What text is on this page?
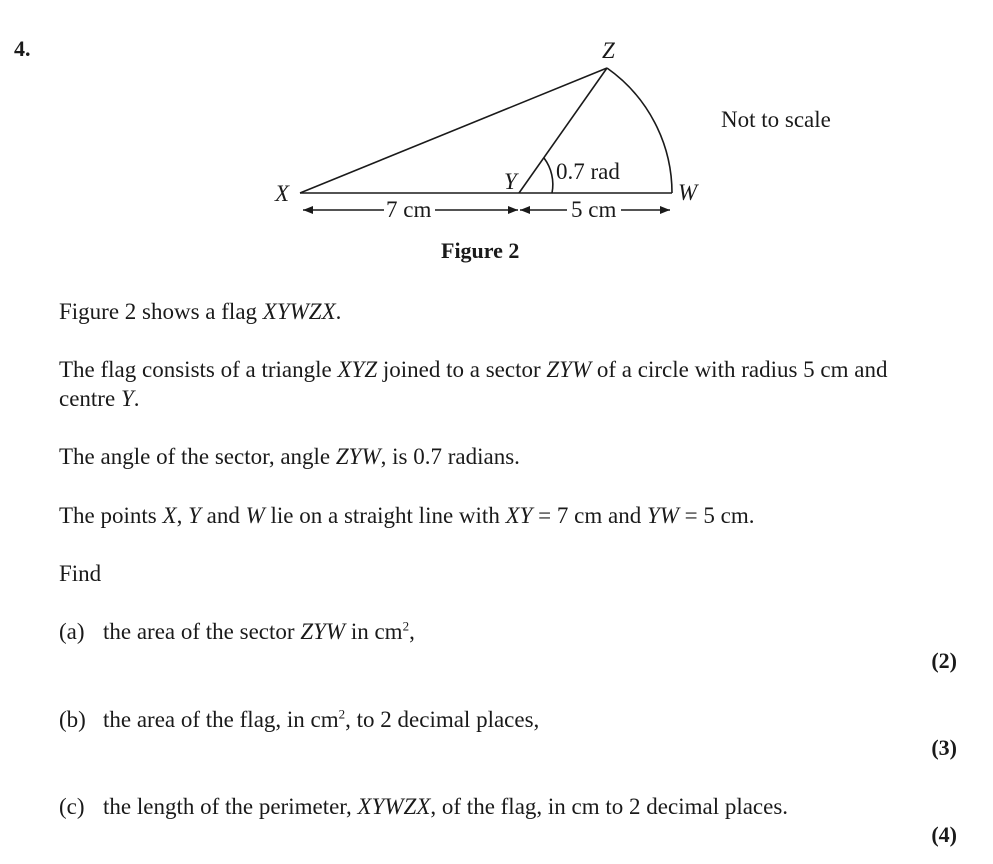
4.
X	Y
Z
W
0.7 rad
7 cm	5 cm
Not to scale
Figure 2
Figure 2 shows a flag XYWZX.
The flag consists of a triangle XYZ joined to a sector ZYW of a circle with radius 5 cm and
centre Y.
The angle of the sector, angle ZYW, is 0.7 radians.
The points X, Y and W lie on a straight line with XY = 7 cm and YW = 5 cm.
Find
(a) the area of the sector ZYW in $cm^2$,
(2)
(b) the area of the flag, in $cm^2$, to 2 decimal places,
(3)
(c) the length of the perimeter, XYWZX, of the flag, in cm to 2 decimal places.
(4)
